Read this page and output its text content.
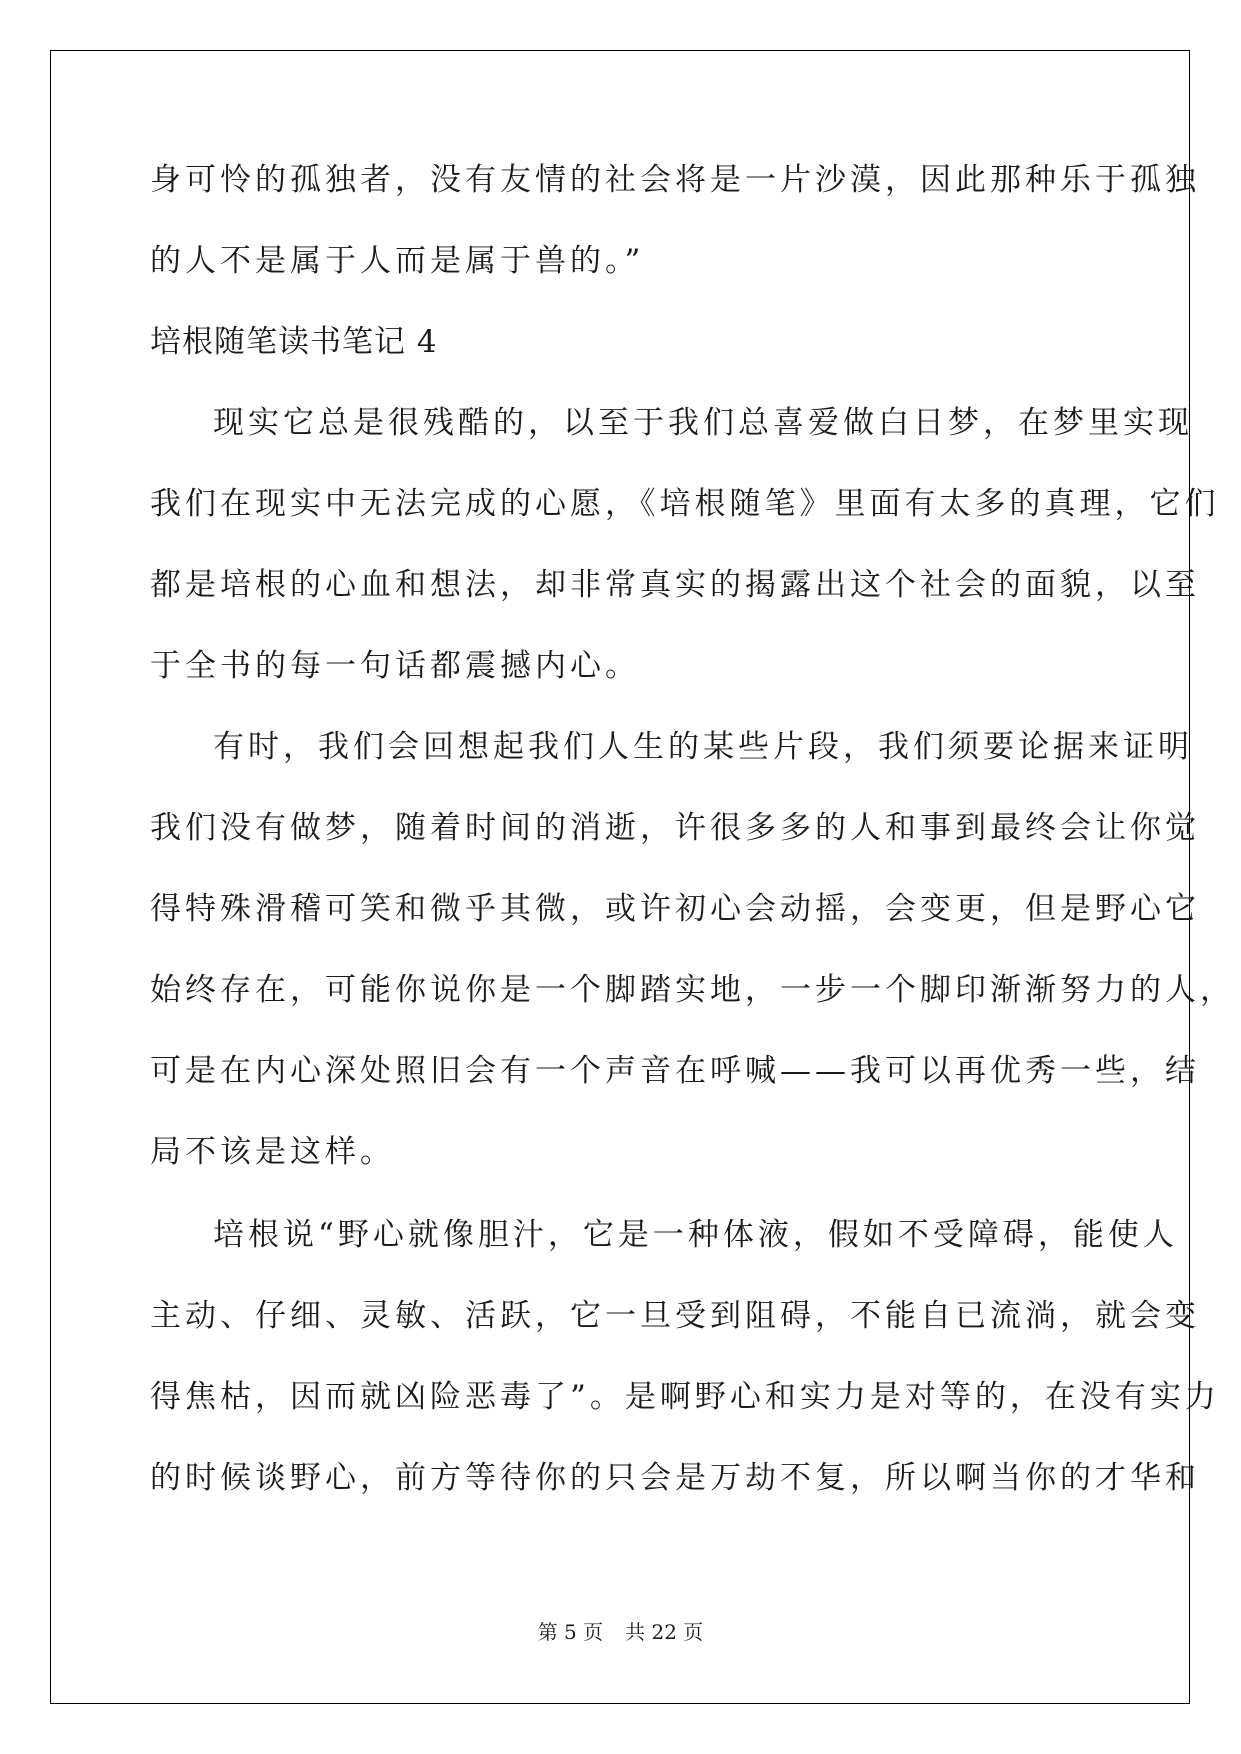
身可怜的孤独者，没有友情的社会将是一片沙漠，因此那种乐于孤独
的人不是属于人而是属于兽的。”
培根随笔读书笔记 4
现实它总是很残酷的，以至于我们总喜爱做白日梦，在梦里实现
我们在现实中无法完成的心愿，《培根随笔》里面有太多的真理，它们
都是培根的心血和想法，却非常真实的揭露出这个社会的面貌，以至
于全书的每一句话都震撼内心。
有时，我们会回想起我们人生的某些片段，我们须要论据来证明
我们没有做梦，随着时间的消逝，许很多多的人和事到最终会让你觉
得特殊滑稽可笑和微乎其微，或许初心会动摇，会变更，但是野心它
始终存在，可能你说你是一个脚踏实地，一步一个脚印渐渐努力的人，
可是在内心深处照旧会有一个声音在呼喊——我可以再优秀一些，结
局不该是这样。
培根说“野心就像胆汁，它是一种体液，假如不受障碍，能使人
主动、仔细、灵敏、活跃，它一旦受到阻碍，不能自已流淌，就会变
得焦枯，因而就凶险恶毒了”。是啊野心和实力是对等的，在没有实力
的时候谈野心，前方等待你的只会是万劫不复，所以啊当你的才华和
第 5 页 共 22 页
